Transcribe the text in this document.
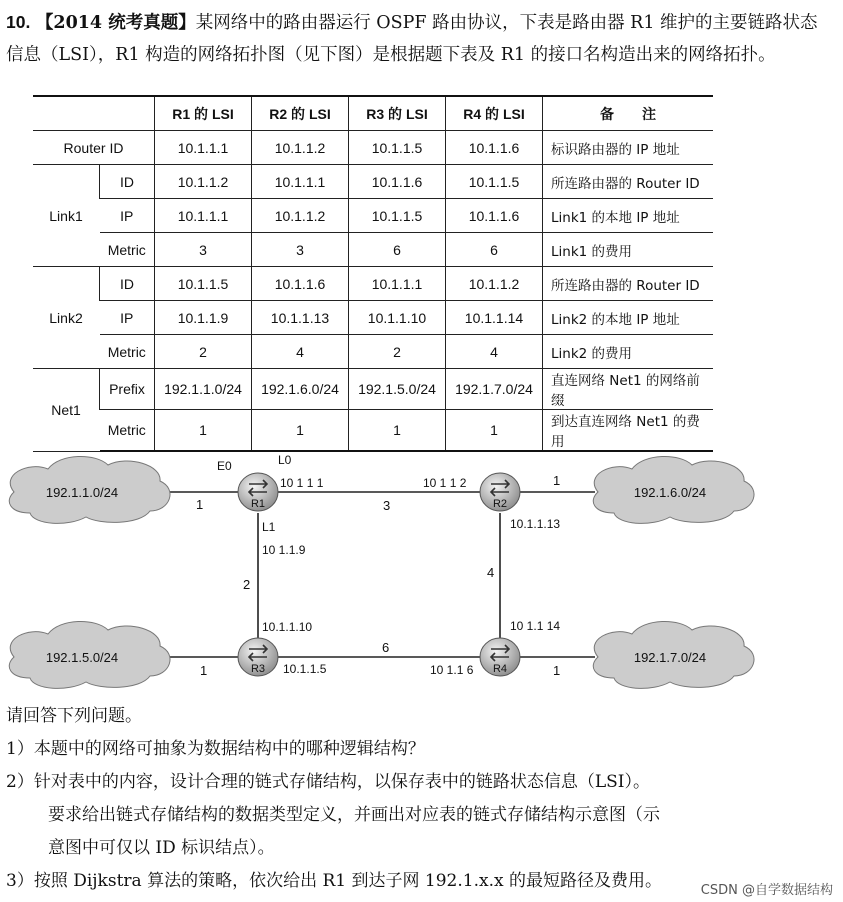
10. 【2014 统考真题】某网络中的路由器运行 OSPF 路由协议，下表是路由器 R1 维护的主要链路状态信息（LSI），R1 构造的网络拓扑图（见下图）是根据题下表及 R1 的接口名构造出来的网络拓扑。
		R1 的 LSI	R2 的 LSI	R3 的 LSI	R4 的 LSI	备　　注
Router ID		10.1.1.1	10.1.1.2	10.1.1.5	10.1.1.6	标识路由器的 IP 地址
Link1	ID	10.1.1.2	10.1.1.1	10.1.1.6	10.1.1.5	所连路由器的 Router ID
	IP	10.1.1.1	10.1.1.2	10.1.1.5	10.1.1.6	Link1 的本地 IP 地址
	Metric	3	3	6	6	Link1 的费用
Link2	ID	10.1.1.5	10.1.1.6	10.1.1.1	10.1.1.2	所连路由器的 Router ID
	IP	10.1.1.9	10.1.1.13	10.1.1.10	10.1.1.14	Link2 的本地 IP 地址
	Metric	2	4	2	4	Link2 的费用
Net1	Prefix	192.1.1.0/24	192.1.6.0/24	192.1.5.0/24	192.1.7.0/24	直连网络 Net1 的网络前缀
	Metric	1	1	1	1	到达直连网络 Net1 的费用
192.1.1.0/24	192.1.6.0/24
192.1.5.0/24	192.1.7.0/24
R1	R2
R3	R4
E0	L0
L1
10 1 1 1	10 1 1 2
10 1.1.9
10.1.1.13
10.1.1.10
10.1.1.5
10 1.1 14
10 1.1 6
1	3
1
2
4
1
6
1
请回答下列问题。
1）本题中的网络可抽象为数据结构中的哪种逻辑结构？
2）针对表中的内容，设计合理的链式存储结构，以保存表中的链路状态信息（LSI）。
要求给出链式存储结构的数据类型定义，并画出对应表的链式存储结构示意图（示
意图中可仅以 ID 标识结点）。
3）按照 Dijkstra 算法的策略，依次给出 R1 到达子网 192.1.x.x 的最短路径及费用。	CSDN @自学数据结构
